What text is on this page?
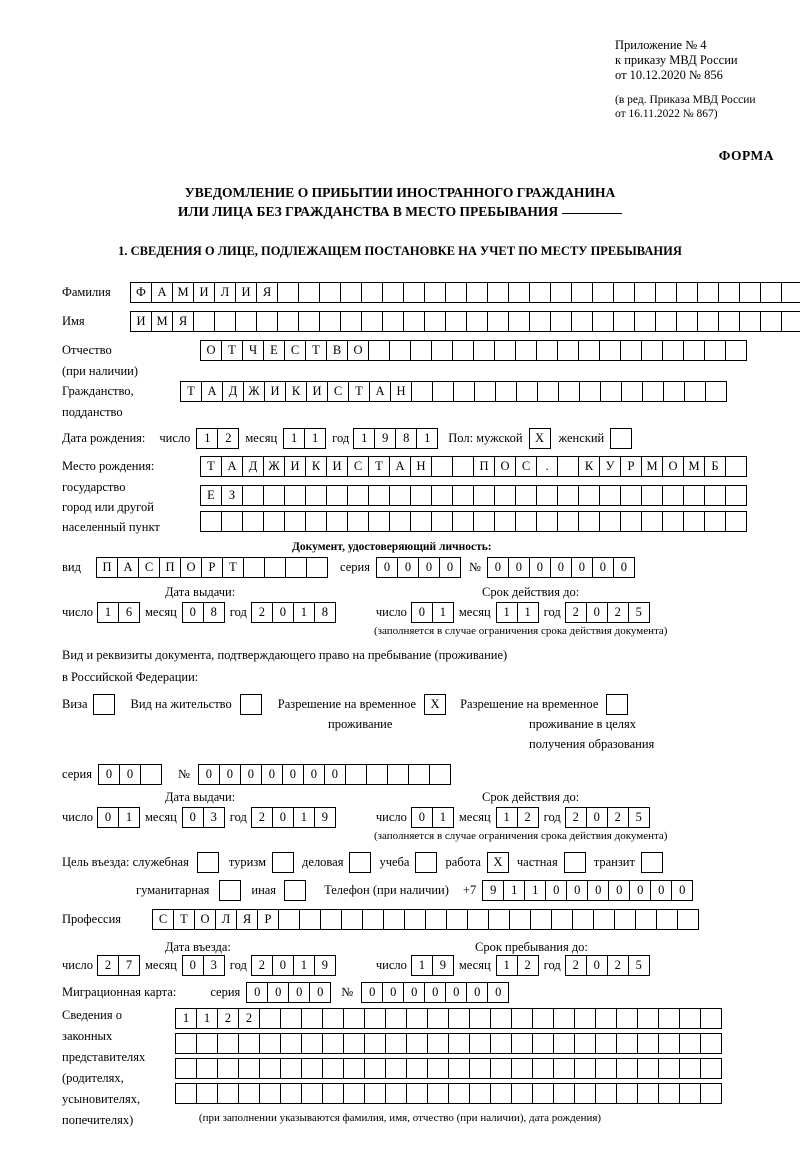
Приложение № 4
к приказу МВД России
от 10.12.2020 № 856
(в ред. Приказа МВД России
от 16.11.2022 № 867)
ФОРМА
УВЕДОМЛЕНИЕ О ПРИБЫТИИ ИНОСТРАННОГО ГРАЖДАНИНА
ИЛИ ЛИЦА БЕЗ ГРАЖДАНСТВА В МЕСТО ПРЕБЫВАНИЯ
1. СВЕДЕНИЯ О ЛИЦЕ, ПОДЛЕЖАЩЕМ ПОСТАНОВКЕ НА УЧЕТ ПО МЕСТУ ПРЕБЫВАНИЯ
Фамилия	Ф А М И Л И Я
Имя	И М Я
Отчество	О	Т	Ч	Е	С	Т	В О
(при наличии)
Гражданство,	Т	А Д Ж И К И С	Т	А Н
подданство
Дата рождения: число	1	2	месяц	1	1	год 1	9	8	1	Пол: мужской X	женский
Место рождения:	Т	А Д Ж И К И С	Т	А Н	П О С	.	К У	Р М О М Б
государство
Е	З
город или другой
населенный пункт
Документ, удостоверяющий личность:
вид	П А С П О	Р	Т	серия	0	0	0	0	№	0	0	0	0	0	0	0
Дата выдачи:	Срок действия до:
число 1	6	месяц	0	8	год 2	0	1	8	число 0	1	месяц	1	1	год 2	0	2	5
(заполняется в случае ограничения срока действия документа)
Вид и реквизиты документа, подтверждающего право на пребывание (проживание)
в Российской Федерации:
Виза	Вид на жительство	Разрешение на временное	X	Разрешение на временное
проживание	проживание в целях
получения образования
серия	0	0	№	0	0	0	0	0	0	0
Дата выдачи:	Срок действия до:
число 0	1	месяц	0	3	год 2	0	1	9	число 0	1	месяц	1	2	год 2	0	2	5
(заполняется в случае ограничения срока действия документа)
Цель въезда: служебная	туризм	деловая	учеба	работа X	частная	транзит
гуманитарная	иная	Телефон (при наличии) +7	9	1	1	0	0	0	0	0	0	0
Профессия	С	Т	О Л	Я	Р
Дата въезда:	Срок пребывания до:
число 2	7	месяц	0	3	год 2	0	1	9	число 1	9	месяц	1	2	год 2	0	2	5
Миграционная карта:	серия	0	0	0	0	№	0	0	0	0	0	0	0
Сведения о
законных
представителях
(родителях,
усыновителях,
попечителях)
1	1	2	2
(при заполнении указываются фамилия, имя, отчество (при наличии), дата рождения)
